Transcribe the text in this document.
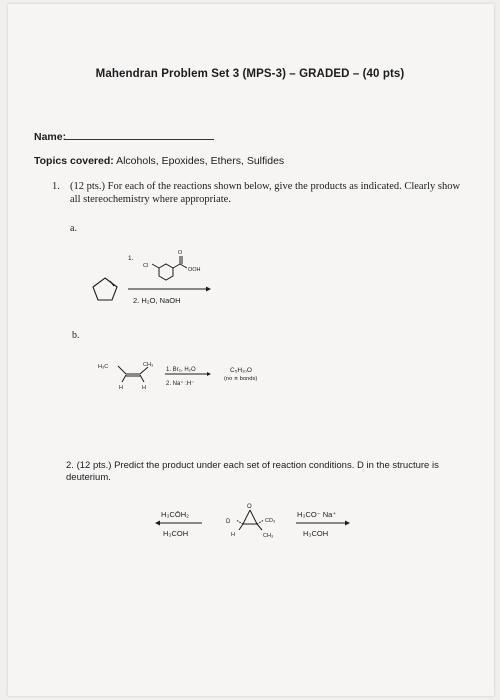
Mahendran Problem Set 3 (MPS-3) – GRADED – (40 pts)
Name:
Topics covered: Alcohols, Epoxides, Ethers, Sulfides
1. (12 pts.) For each of the reactions shown below, give the products as indicated. Clearly show all stereochemistry where appropriate.
a.
b.
2. (12 pts.) Predict the product under each set of reaction conditions. D in the structure is deuterium.
1.
Cl
O
OOH
2. H₂O, NaOH
H₃C	CH₃
H	H
1. Br₂, H₂O
2. Na⁺ :H⁻
C₅H₁₀O
(no π bonds)
H₃CŌH₂
H₃COH
O
D
H
CD₃
CH₃
H₃CO⁻ Na⁺
H₃COH
